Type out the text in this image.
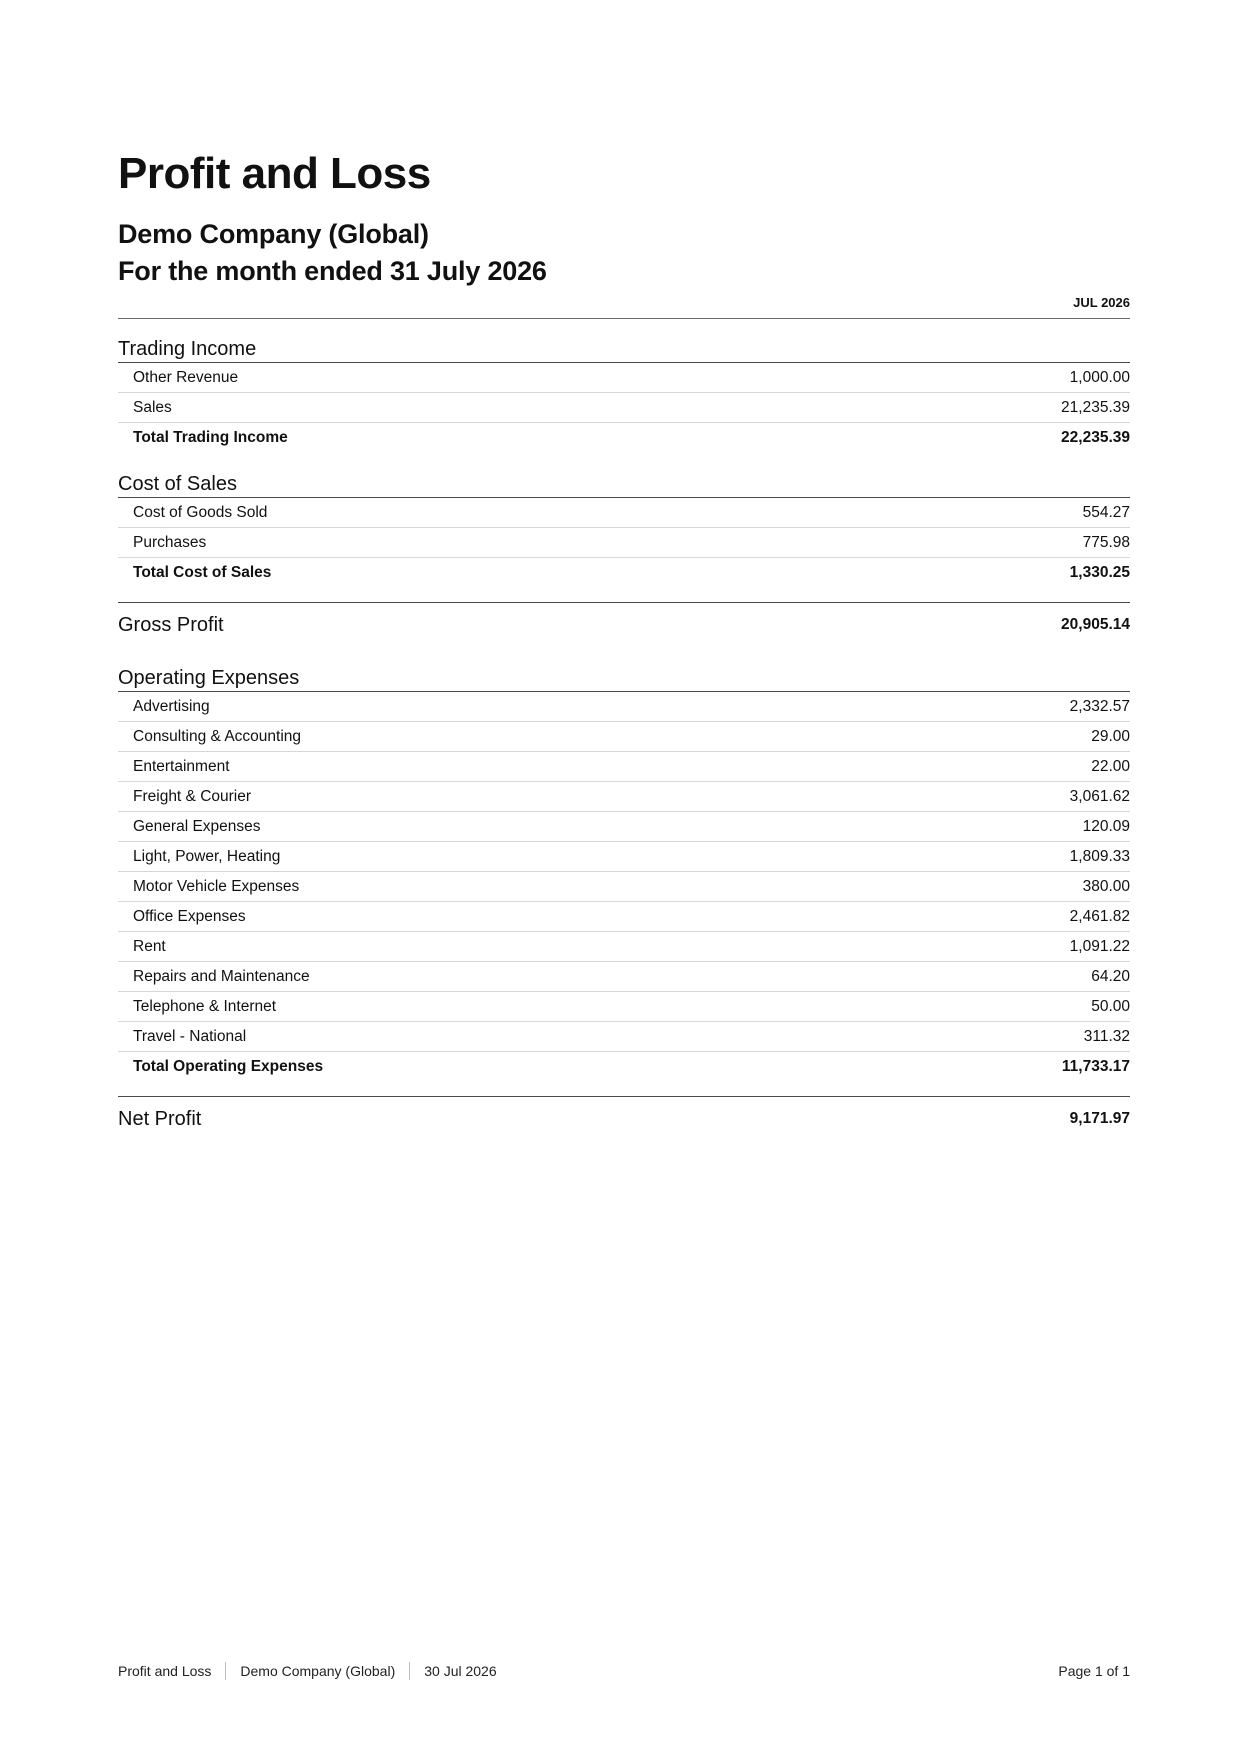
Profit and Loss
Demo Company (Global)
For the month ended 31 July 2026
JUL 2026
Trading Income
Other Revenue	1,000.00
Sales	21,235.39
Total Trading Income	22,235.39
Cost of Sales
Cost of Goods Sold	554.27
Purchases	775.98
Total Cost of Sales	1,330.25
Gross Profit	20,905.14
Operating Expenses
Advertising	2,332.57
Consulting & Accounting	29.00
Entertainment	22.00
Freight & Courier	3,061.62
General Expenses	120.09
Light, Power, Heating	1,809.33
Motor Vehicle Expenses	380.00
Office Expenses	2,461.82
Rent	1,091.22
Repairs and Maintenance	64.20
Telephone & Internet	50.00
Travel - National	311.32
Total Operating Expenses	11,733.17
Net Profit	9,171.97
Profit and Loss	Demo Company (Global)	30 Jul 2026	Page 1 of 1
